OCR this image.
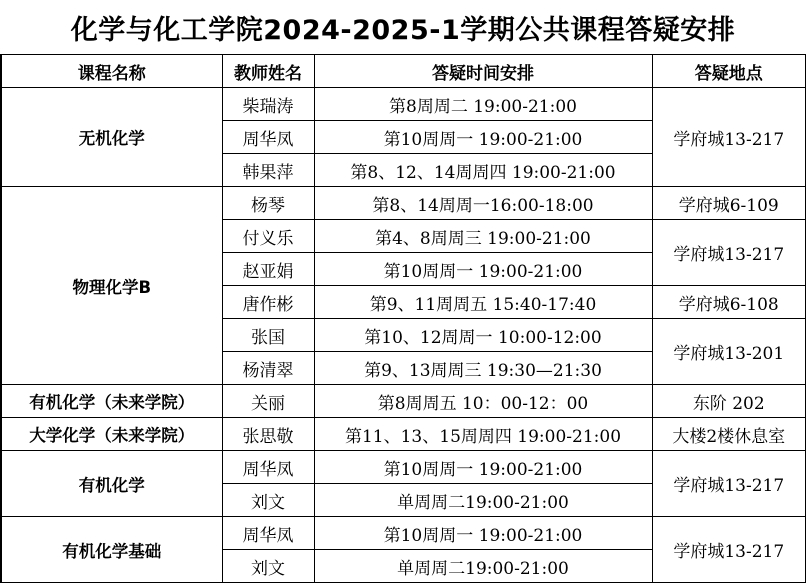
化学与化工学院2024-2025-1学期公共课程答疑安排
课程名称	教师姓名	答疑时间安排	答疑地点
无机化学	柴瑞涛	第8周周二 19:00-21:00	学府城13-217
	周华凤	第10周周一 19:00-21:00	
	韩果萍	第8、12、14周周四 19:00-21:00	
物理化学B	杨琴	第8、14周周一16:00-18:00	学府城6-109
	付义乐	第4、8周周三 19:00-21:00	学府城13-217
	赵亚娟	第10周周一 19:00-21:00	
	唐作彬	第9、11周周五 15:40-17:40	学府城6-108
	张国	第10、12周周一 10:00-12:00	学府城13-201
	杨清翠	第9、13周周三 19:30—21:30	
有机化学（未来学院）	关丽	第8周周五 10：00-12：00	东阶 202
大学化学（未来学院）	张思敬	第11、13、15周周四 19:00-21:00	大楼2楼休息室
有机化学	周华凤	第10周周一 19:00-21:00	学府城13-217
	刘文	单周周二19:00-21:00	
有机化学基础	周华凤	第10周周一 19:00-21:00	学府城13-217
	刘文	单周周二19:00-21:00	
